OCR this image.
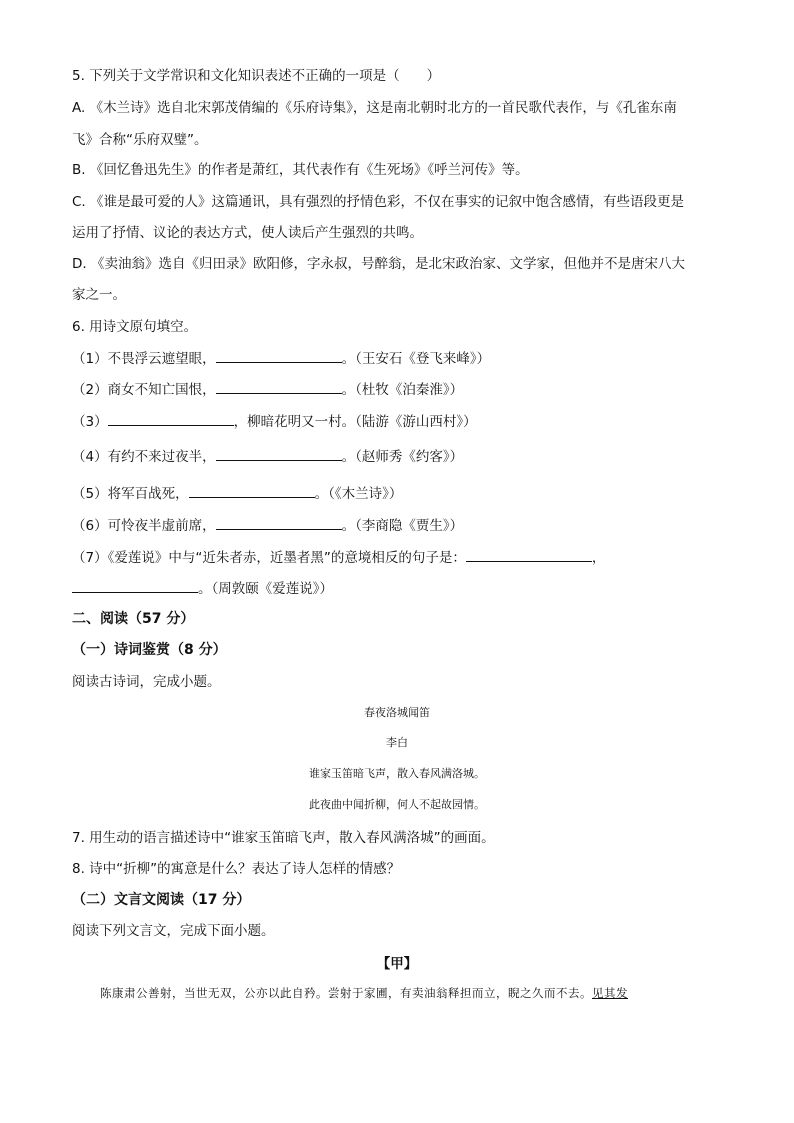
5. 下列关于文学常识和文化知识表述不正确的一项是（　　）
A. 《木兰诗》选自北宋郭茂倩编的《乐府诗集》，这是南北朝时北方的一首民歌代表作，与《孔雀东南
飞》合称“乐府双璧”。
B. 《回忆鲁迅先生》的作者是萧红，其代表作有《生死场》《呼兰河传》等。
C. 《谁是最可爱的人》这篇通讯，具有强烈的抒情色彩，不仅在事实的记叙中饱含感情，有些语段更是
运用了抒情、议论的表达方式，使人读后产生强烈的共鸣。
D. 《卖油翁》选自《归田录》欧阳修，字永叔，号醉翁，是北宋政治家、文学家，但他并不是唐宋八大
家之一。
6. 用诗文原句填空。
（1）不畏浮云遮望眼，	。（王安石《登飞来峰》）
（2）商女不知亡国恨，	。（杜牧《泊秦淮》）
（3）	，柳暗花明又一村。（陆游《游山西村》）
（4）有约不来过夜半，	。（赵师秀《约客》）
（5）将军百战死，	。（《木兰诗》）
（6）可怜夜半虚前席，	。（李商隐《贾生》）
（7）《爱莲说》中与“近朱者赤，近墨者黑”的意境相反的句子是：	，
。（周敦颐《爱莲说》）
二、阅读（57 分）
（一）诗词鉴赏（8 分）
阅读古诗词，完成小题。
春夜洛城闻笛
李白
谁家玉笛暗飞声，散入春风满洛城。
此夜曲中闻折柳，何人不起故园情。
7. 用生动的语言描述诗中“谁家玉笛暗飞声，散入春风满洛城”的画面。
8. 诗中“折柳”的寓意是什么？表达了诗人怎样的情感？
（二）文言文阅读（17 分）
阅读下列文言文，完成下面小题。
【甲】
陈康肃公善射，当世无双，公亦以此自矜。尝射于家圃，有卖油翁释担而立，睨之久而不去。见其发
